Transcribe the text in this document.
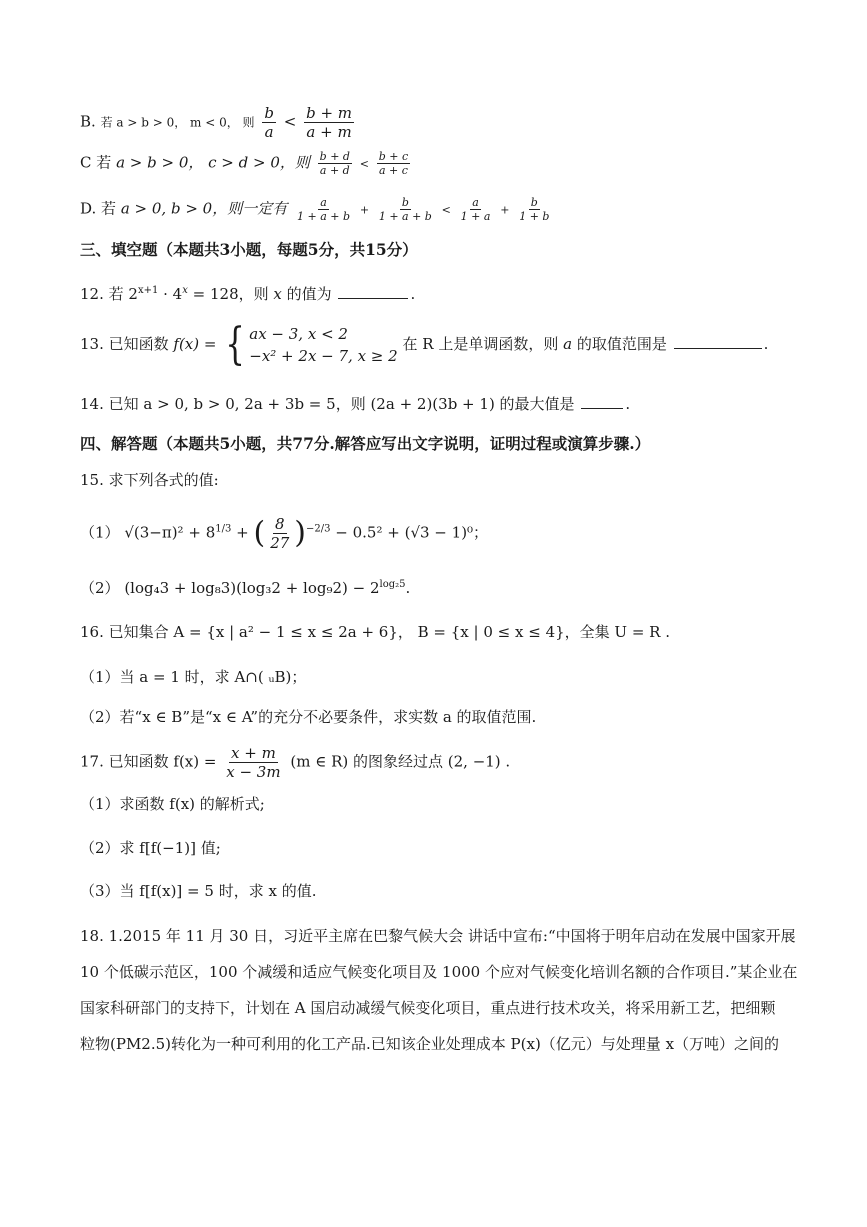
B. 若 a > b > 0， m < 0， 则 $\frac{b}{a} < \frac{b + m}{a + m}$
C 若 a > b > 0， c > d > 0，则 $\frac{b + d}{a + d} < \frac{b + c}{a + c}$
D. 若 a > 0, b > 0，则一定有 $\frac{a}{1 + a + b} + \frac{b}{1 + a + b} < \frac{a}{1 + a} + \frac{b}{1 + b}$
三、填空题（本题共3小题，每题5分，共15分）
12. 若 $2^{x+1} \cdot 4^x = 128$，则 x 的值为	.
13. 已知函数 f(x) = { ax − 3, x < 2
−x² + 2x − 7, x ≥ 2
在 R 上是单调函数，则 a 的取值范围是	.
14. 已知 a > 0, b > 0, 2a + 3b = 5，则 (2a + 2)(3b + 1) 的最大值是	.
四、解答题（本题共5小题，共77分.解答应写出文字说明，证明过程或演算步骤.）
15. 求下列各式的值:
（1） $√(3-\pi)^2 + 8^{1/3}$ + ( $\frac{8}{27} )^{-2/3} - 0.5^2 + (√3 - 1)^0$；
（2） $(\log_43 + \log_83)(\log_32 + \log_92) - 2^{log_25}$.
16. 已知集合 A = {x | a² − 1 ≤ x ≤ 2a + 6}， B = {x | 0 ≤ x ≤ 4}，全集 U = R .
（1）当 a = 1 时，求 A∩( ᵤB)；
（2）若“x ∈ B”是“x ∈ A”的充分不必要条件，求实数 a 的取值范围.
17. 已知函数 $f(x) = \frac{x + m}{x - 3m} (m$ ∈ R) 的图象经过点 (2, −1) .
（1）求函数 f(x) 的解析式;
（2）求 f[f(−1)] 值;
（3）当 f[f(x)] = 5 时，求 x 的值.
18. 1.2015 年 11 月 30 日，习近平主席在巴黎气候大会 讲话中宣布:“中国将于明年启动在发展中国家开展
10 个低碳示范区，100 个减缓和适应气候变化项目及 1000 个应对气候变化培训名额的合作项目.”某企业在
国家科研部门的支持下，计划在 A 国启动减缓气候变化项目，重点进行技术攻关，将采用新工艺，把细颗
粒物(PM2.5)转化为一种可利用的化工产品.已知该企业处理成本 P(x)（亿元）与处理量 x（万吨）之间的
